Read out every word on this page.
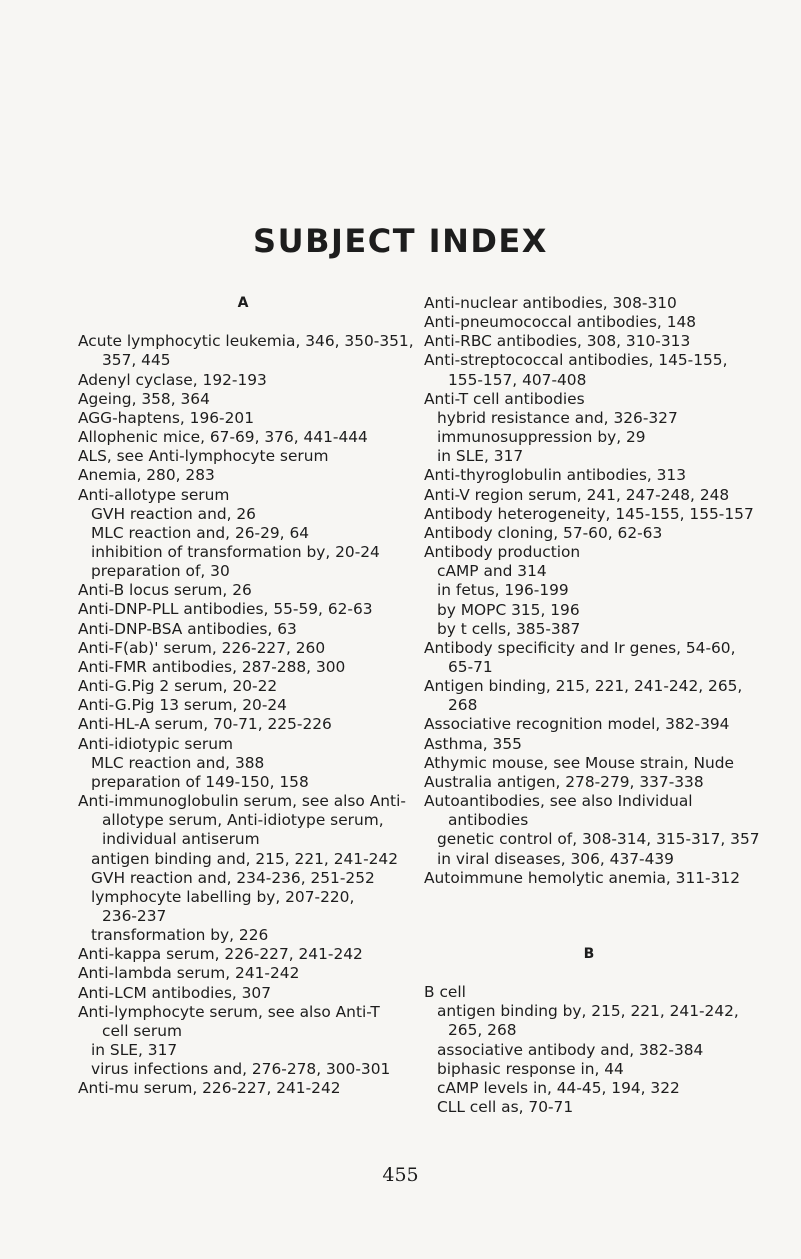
SUBJECT INDEX
A
Acute lymphocytic leukemia, 346, 350-351,
357, 445
Adenyl cyclase, 192-193
Ageing, 358, 364
AGG-haptens, 196-201
Allophenic mice, 67-69, 376, 441-444
ALS, see Anti-lymphocyte serum
Anemia, 280, 283
Anti-allotype serum
GVH reaction and, 26
MLC reaction and, 26-29, 64
inhibition of transformation by, 20-24
preparation of, 30
Anti-B locus serum, 26
Anti-DNP-PLL antibodies, 55-59, 62-63
Anti-DNP-BSA antibodies, 63
Anti-F(ab)' serum, 226-227, 260
Anti-FMR antibodies, 287-288, 300
Anti-G.Pig 2 serum, 20-22
Anti-G.Pig 13 serum, 20-24
Anti-HL-A serum, 70-71, 225-226
Anti-idiotypic serum
MLC reaction and, 388
preparation of 149-150, 158
Anti-immunoglobulin serum, see also Anti-
allotype serum, Anti-idiotype serum,
individual antiserum
antigen binding and, 215, 221, 241-242
GVH reaction and, 234-236, 251-252
lymphocyte labelling by, 207-220,
236-237
transformation by, 226
Anti-kappa serum, 226-227, 241-242
Anti-lambda serum, 241-242
Anti-LCM antibodies, 307
Anti-lymphocyte serum, see also Anti-T
cell serum
in SLE, 317
virus infections and, 276-278, 300-301
Anti-mu serum, 226-227, 241-242
Anti-nuclear antibodies, 308-310
Anti-pneumococcal antibodies, 148
Anti-RBC antibodies, 308, 310-313
Anti-streptococcal antibodies, 145-155,
155-157, 407-408
Anti-T cell antibodies
hybrid resistance and, 326-327
immunosuppression by, 29
in SLE, 317
Anti-thyroglobulin antibodies, 313
Anti-V region serum, 241, 247-248, 248
Antibody heterogeneity, 145-155, 155-157
Antibody cloning, 57-60, 62-63
Antibody production
cAMP and 314
in fetus, 196-199
by MOPC 315, 196
by t cells, 385-387
Antibody specificity and Ir genes, 54-60,
65-71
Antigen binding, 215, 221, 241-242, 265,
268
Associative recognition model, 382-394
Asthma, 355
Athymic mouse, see Mouse strain, Nude
Australia antigen, 278-279, 337-338
Autoantibodies, see also Individual
antibodies
genetic control of, 308-314, 315-317, 357
in viral diseases, 306, 437-439
Autoimmune hemolytic anemia, 311-312
B
B cell
antigen binding by, 215, 221, 241-242,
265, 268
associative antibody and, 382-384
biphasic response in, 44
cAMP levels in, 44-45, 194, 322
CLL cell as, 70-71
455
